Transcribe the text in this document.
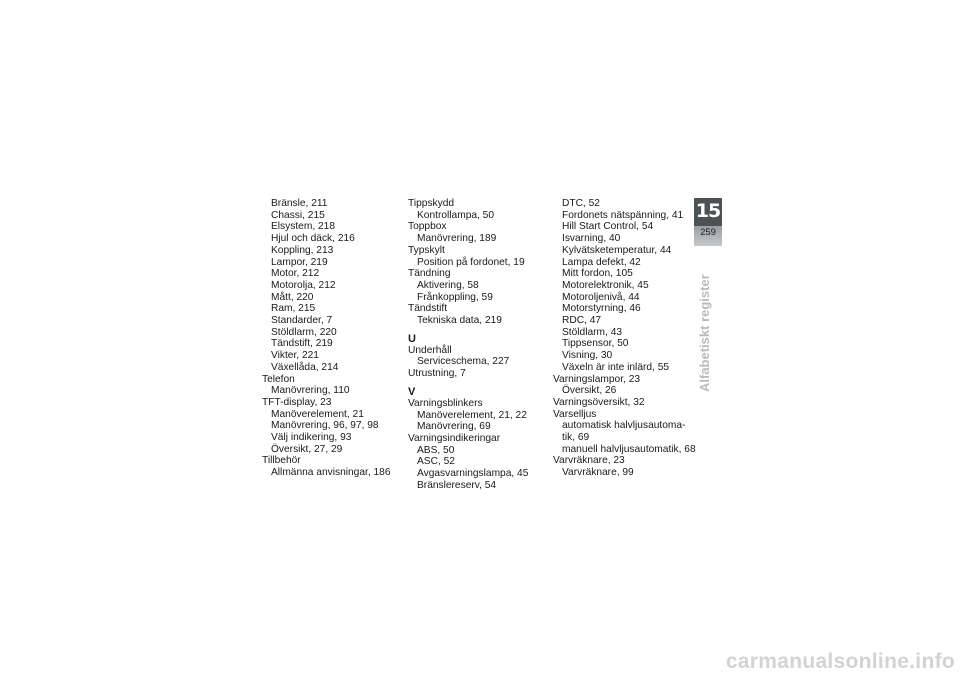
Bränsle, 211
Chassi, 215
Elsystem, 218
Hjul och däck, 216
Koppling, 213
Lampor, 219
Motor, 212
Motorolja, 212
Mått, 220
Ram, 215
Standarder, 7
Stöldlarm, 220
Tändstift, 219
Vikter, 221
Växellåda, 214
Telefon
Manövrering, 110
TFT-display, 23
Manöverelement, 21
Manövrering, 96, 97, 98
Välj indikering, 93
Översikt, 27, 29
Tillbehör
Allmänna anvisningar, 186
Tippskydd
Kontrollampa, 50
Toppbox
Manövrering, 189
Typskylt
Position på fordonet, 19
Tändning
Aktivering, 58
Frånkoppling, 59
Tändstift
Tekniska data, 219
U
Underhåll
Serviceschema, 227
Utrustning, 7
V
Varningsblinkers
Manöverelement, 21, 22
Manövrering, 69
Varningsindikeringar
ABS, 50
ASC, 52
Avgasvarningslampa, 45
Bränslereserv, 54
DTC, 52
Fordonets nätspänning, 41
Hill Start Control, 54
Isvarning, 40
Kylvätsketemperatur, 44
Lampa defekt, 42
Mitt fordon, 105
Motorelektronik, 45
Motoroljenivå, 44
Motorstyrning, 46
RDC, 47
Stöldlarm, 43
Tippsensor, 50
Visning, 30
Växeln är inte inlärd, 55
Varningslampor, 23
Översikt, 26
Varningsöversikt, 32
Varselljus
automatisk halvljusautoma-tik, 69
manuell halvljusautomatik, 68
Varvräknare, 23
Varvräknare, 99
15
259
Alfabetiskt register
carmanualsonline.info
